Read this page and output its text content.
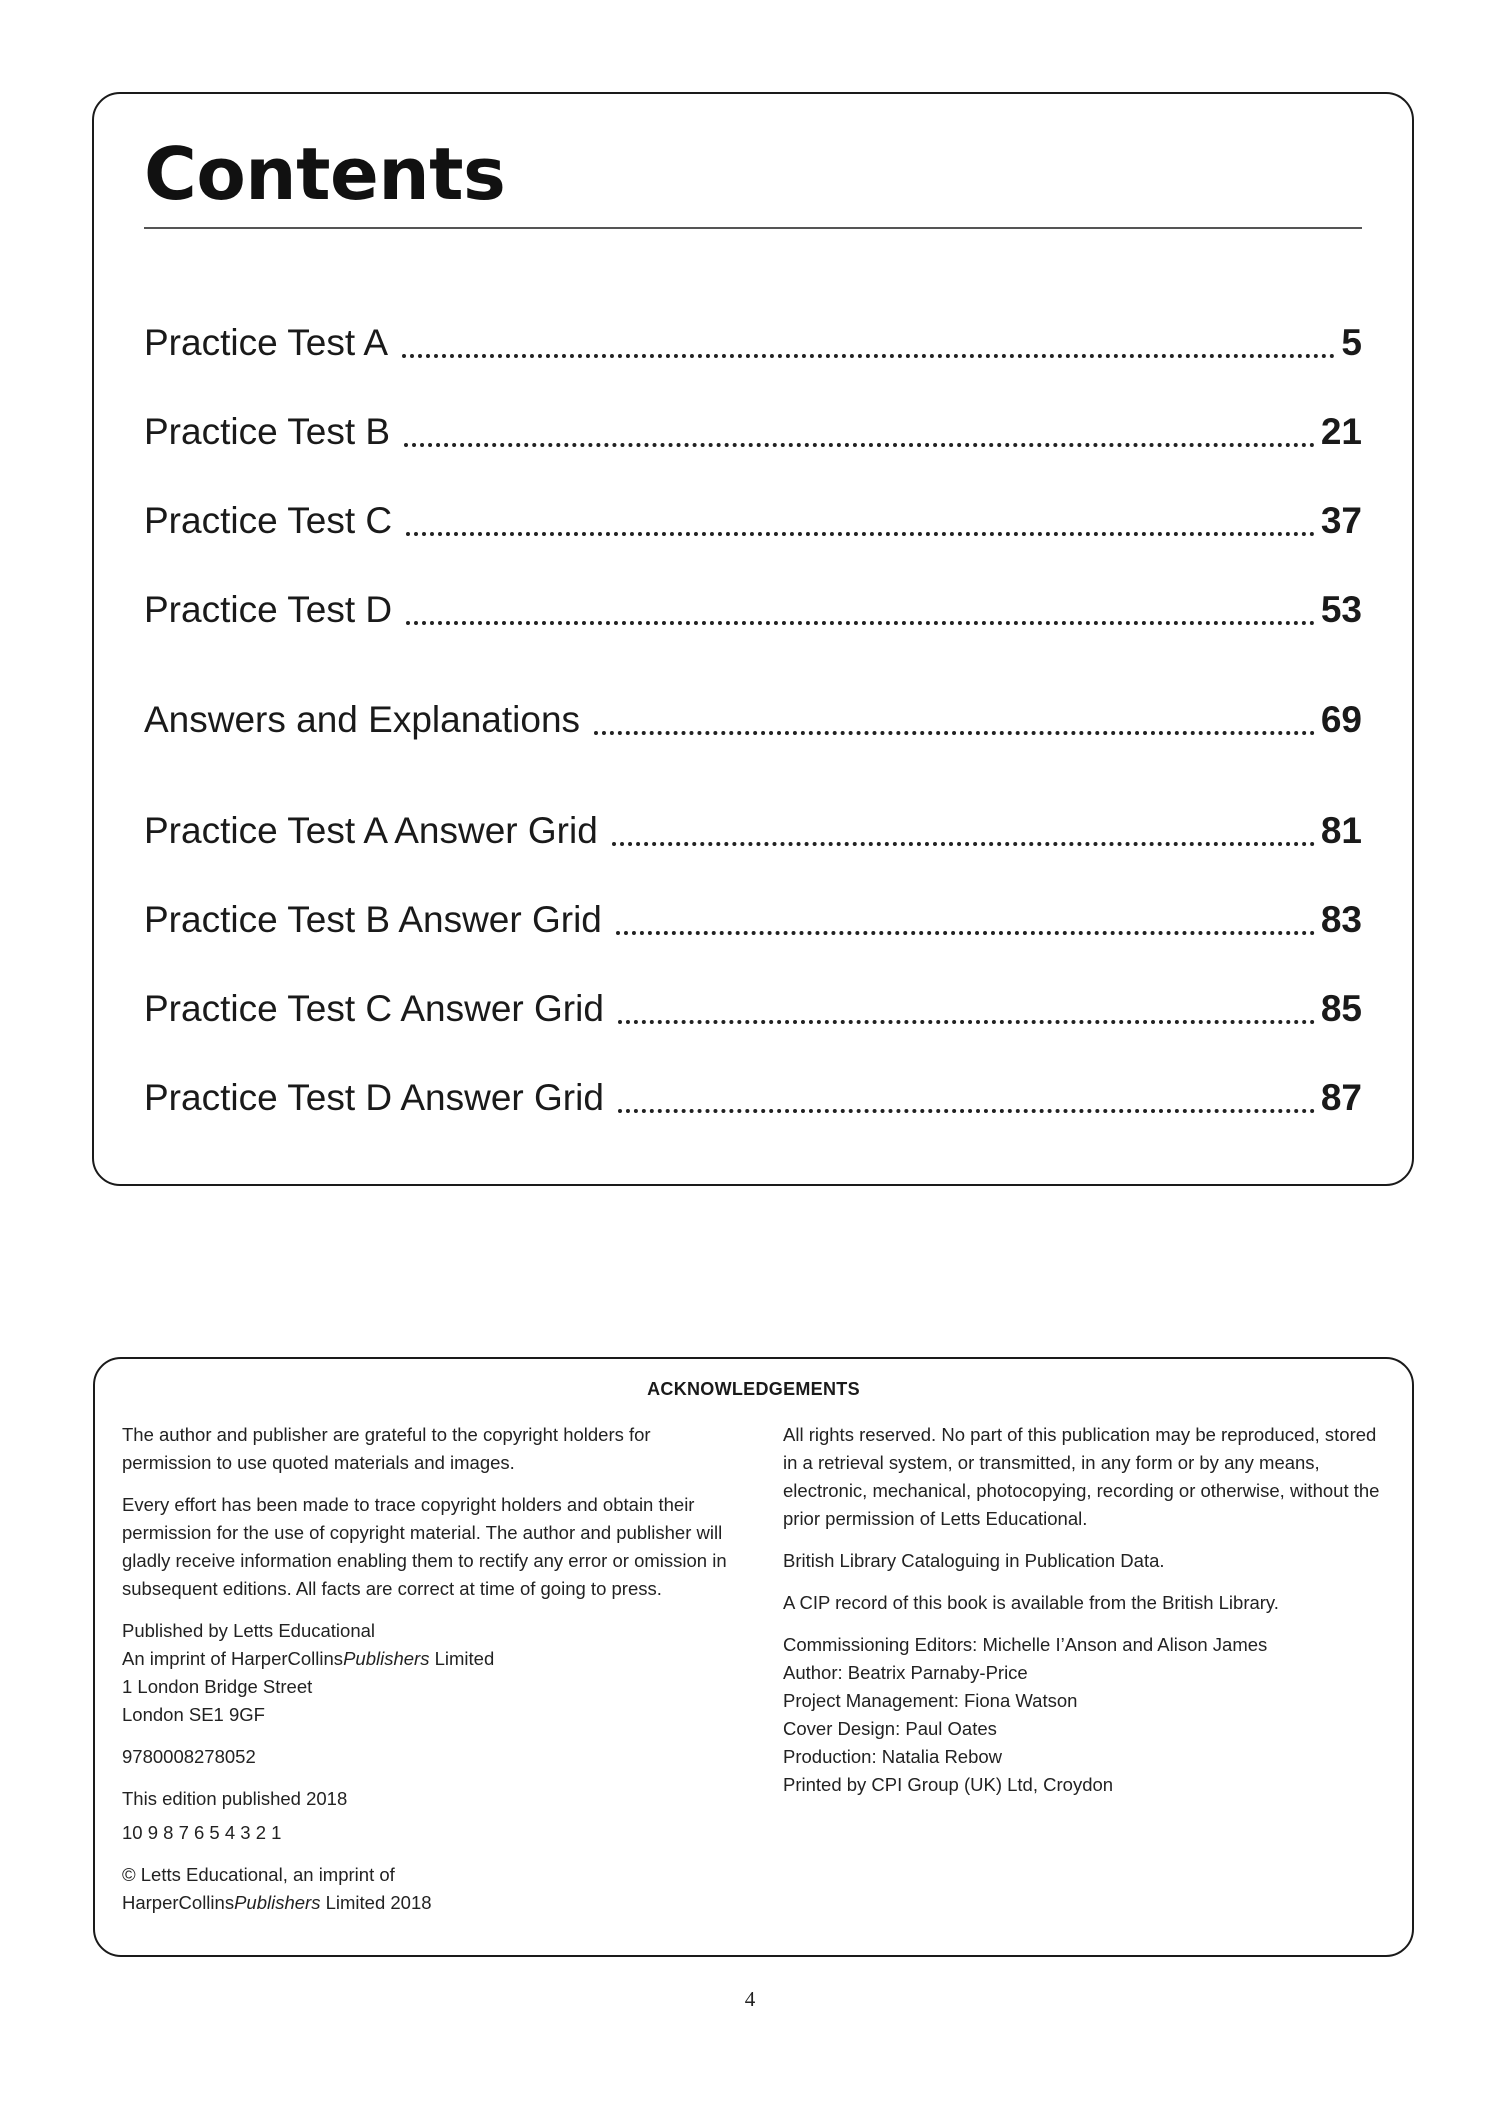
Contents
Practice Test A	5
Practice Test B	21
Practice Test C	37
Practice Test D	53
Answers and Explanations	69
Practice Test A Answer Grid	81
Practice Test B Answer Grid	83
Practice Test C Answer Grid	85
Practice Test D Answer Grid	87
ACKNOWLEDGEMENTS

The author and publisher are grateful to the copyright holders for permission to use quoted materials and images.

Every effort has been made to trace copyright holders and obtain their permission for the use of copyright material. The author and publisher will gladly receive information enabling them to rectify any error or omission in subsequent editions. All facts are correct at time of going to press.

Published by Letts Educational
An imprint of HarperCollinsPublishers Limited
1 London Bridge Street
London SE1 9GF

9780008278052

This edition published 2018

10 9 8 7 6 5 4 3 2 1

© Letts Educational, an imprint of
HarperCollinsPublishers Limited 2018

All rights reserved. No part of this publication may be reproduced, stored in a retrieval system, or transmitted, in any form or by any means, electronic, mechanical, photocopying, recording or otherwise, without the prior permission of Letts Educational.

British Library Cataloguing in Publication Data.

A CIP record of this book is available from the British Library.

Commissioning Editors: Michelle I’Anson and Alison James
Author: Beatrix Parnaby-Price
Project Management: Fiona Watson
Cover Design: Paul Oates
Production: Natalia Rebow
Printed by CPI Group (UK) Ltd, Croydon

4
